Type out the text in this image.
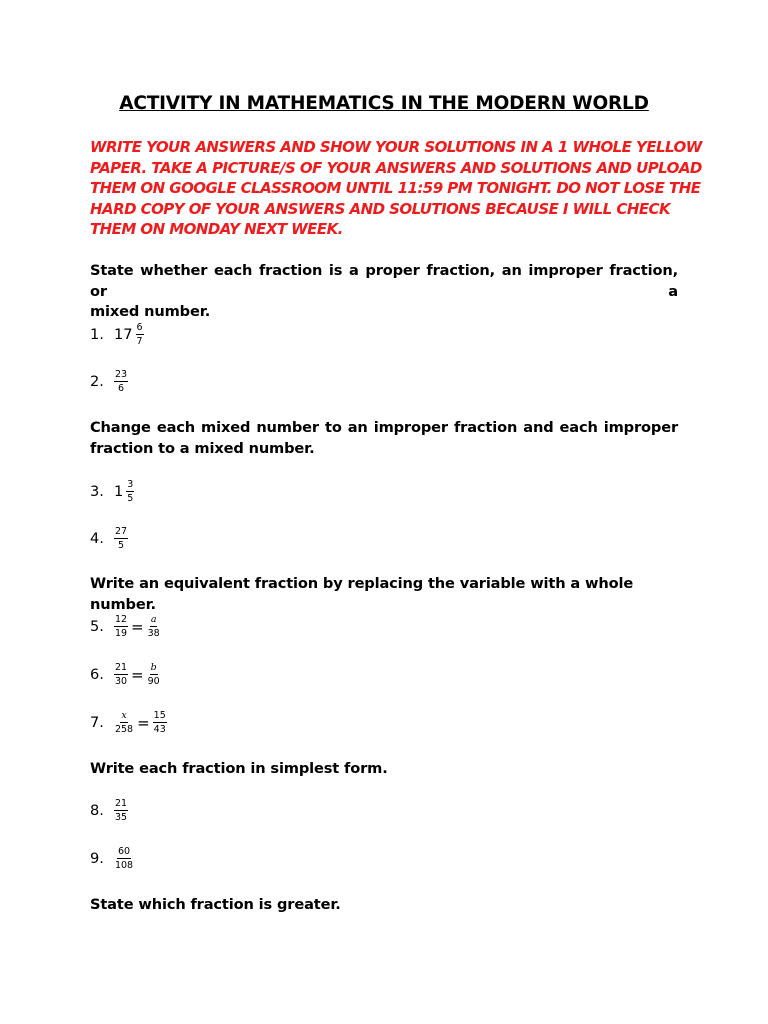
ACTIVITY IN MATHEMATICS IN THE MODERN WORLD
WRITE YOUR ANSWERS AND SHOW YOUR SOLUTIONS IN A 1 WHOLE YELLOW
PAPER. TAKE A PICTURE/S OF YOUR ANSWERS AND SOLUTIONS AND UPLOAD
THEM ON GOOGLE CLASSROOM UNTIL 11:59 PM TONIGHT. DO NOT LOSE THE
HARD COPY OF YOUR ANSWERS AND SOLUTIONS BECAUSE I WILL CHECK
THEM ON MONDAY NEXT WEEK.
State whether each fraction is a proper fraction, an improper fraction, or a
mixed number.
1. $17 \frac{6}{7}$
2. $\frac{23}{6}$
Change each mixed number to an improper fraction and each improper
fraction to a mixed number.
3. $1 \frac{3}{5}$
4. $\frac{27}{5}$
Write an equivalent fraction by replacing the variable with a whole number.
5. $\frac{12}{19} = \frac{a}{38}$
6. $\frac{21}{30} = \frac{b}{90}$
7. $\frac{x}{258} = \frac{15}{43}$
Write each fraction in simplest form.
8. $\frac{21}{35}$
9. $\frac{60}{108}$
State which fraction is greater.
